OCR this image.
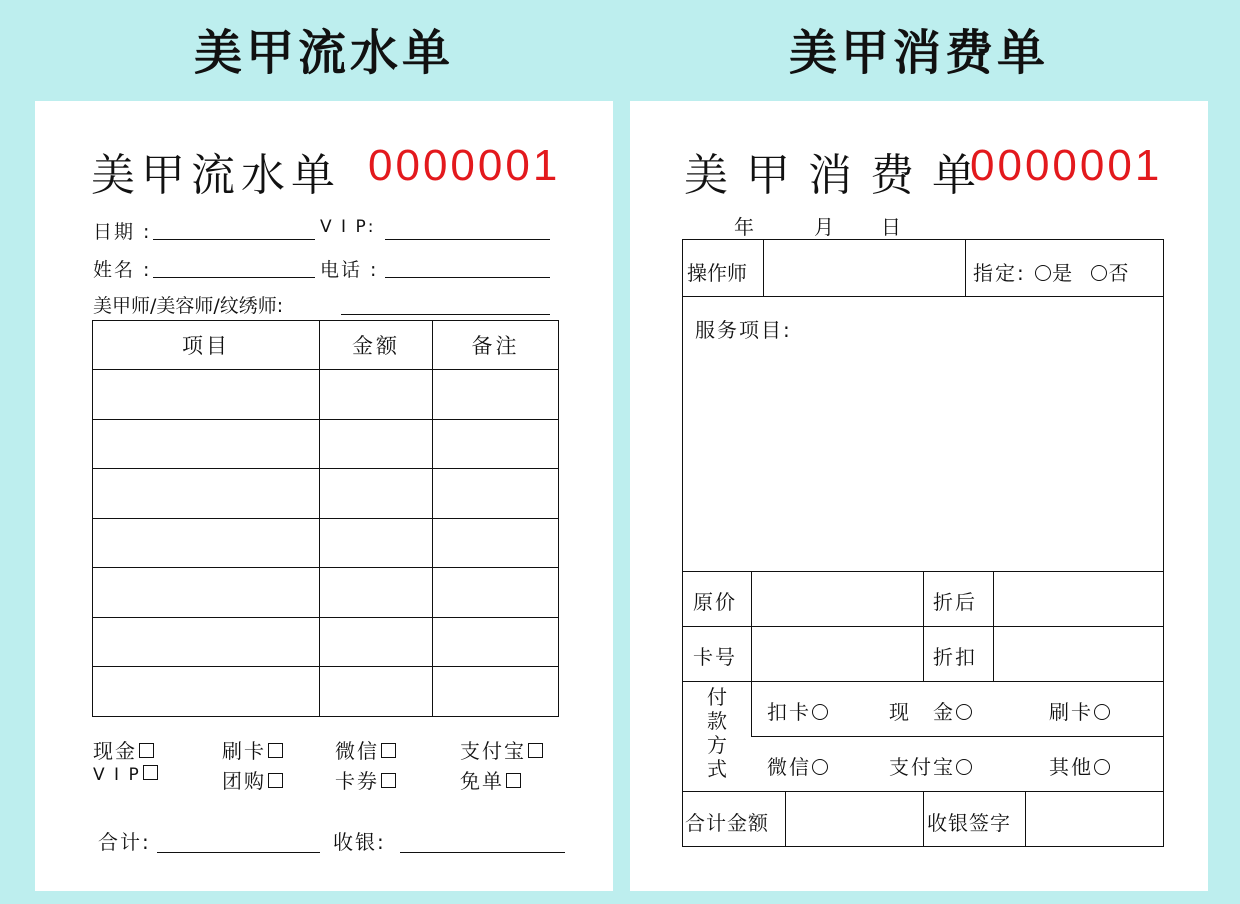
美甲流水单	美甲消费单
美甲流水单 0000001
日期 :	V I P:
姓名 :	电话 :
美甲师/美容师/纹绣师:
项目	金额	备注

现金	刷卡	微信	支付宝
V I P	团购	卡券	免单
合计:	收银:
美 甲 消 费 单
0000001
年	月 日
操作师	指定: 是 否
服务项目:
原价	折后
卡号	折扣
付
款
方
式
扣卡	现　金	刷卡
微信	支付宝	其他
合计金额	收银签字
